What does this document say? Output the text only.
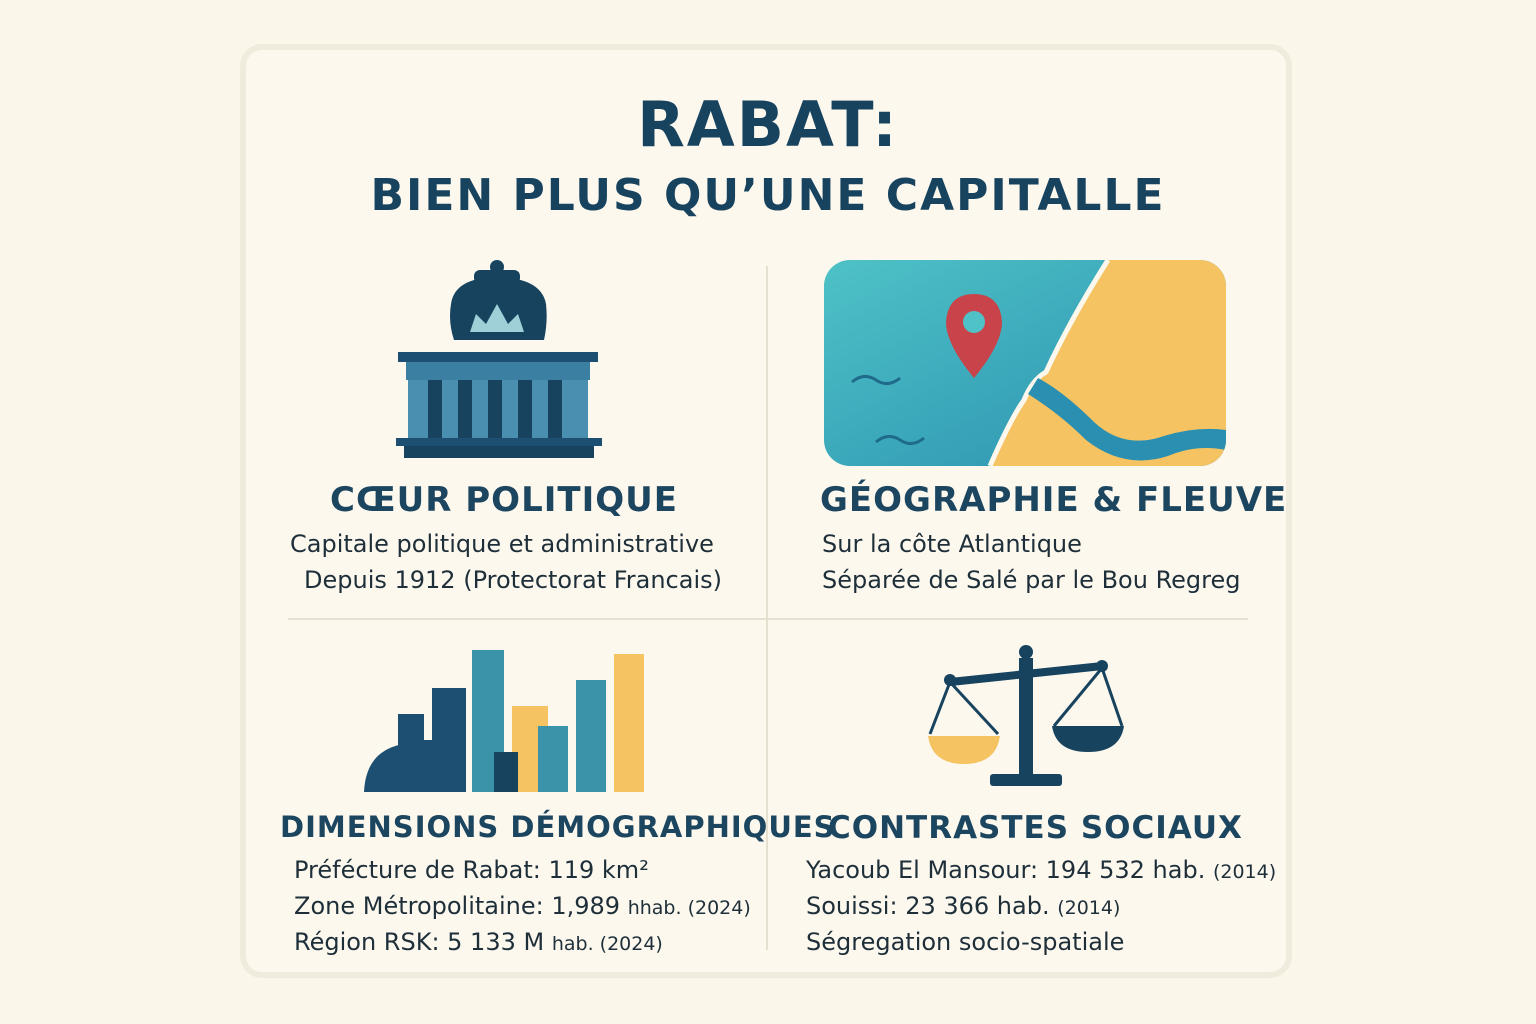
RABAT:
BIEN PLUS QU’UNE CAPITALLE
CŒUR POLITIQUE
Capitale politique et administrative
Depuis 1912 (Protectorat Francais)
GÉOGRAPHIE & FLEUVE
Sur la côte Atlantique
Séparée de Salé par le Bou Regreg
DIMENSIONS DÉMOGRAPHIQUES
Préfécture de Rabat: 119 km²
Zone Métropolitaine: 1,989 hhab. (2024)
Région RSK: 5 133 M hab. (2024)
CONTRASTES SOCIAUX
Yacoub El Mansour: 194 532 hab. (2014)
Souissi: 23 366 hab. (2014)
Ségregation socio-spatiale
